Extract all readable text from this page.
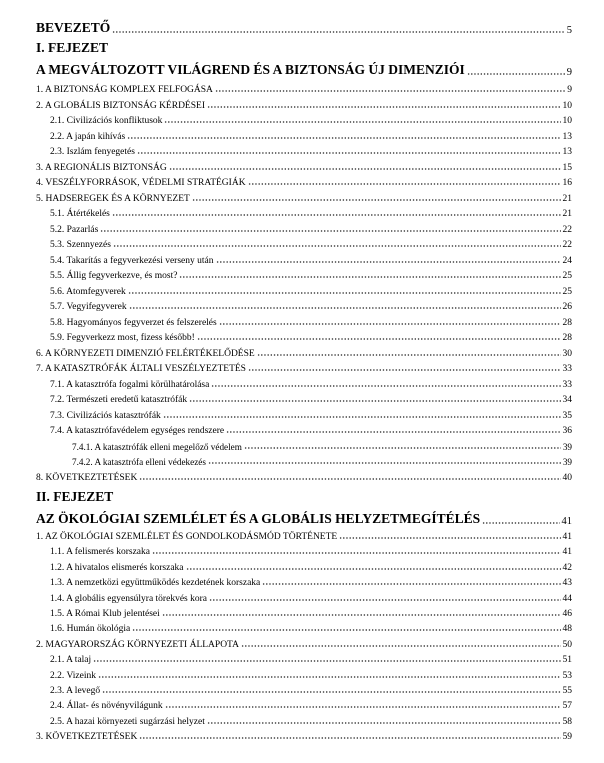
BEVEZETŐ	5
I. FEJEZET
A MEGVÁLTOZOTT VILÁGREND ÉS A BIZTONSÁG ÚJ DIMENZIÓI	9
1. A BIZTONSÁG KOMPLEX FELFOGÁSA	9
2. A GLOBÁLIS BIZTONSÁG KÉRDÉSEI	10
2.1. Civilizációs konfliktusok	10
2.2. A japán kihívás	13
2.3. Iszlám fenyegetés	13
3. A REGIONÁLIS BIZTONSÁG	15
4. VESZÉLYFORRÁSOK, VÉDELMI STRATÉGIÁK	16
5. HADSEREGEK ÉS A KÖRNYEZET	21
5.1. Átértékelés	21
5.2. Pazarlás	22
5.3. Szennyezés	22
5.4. Takarítás a fegyverkezési verseny után	24
5.5. Állig fegyverkezve, és most?	25
5.6. Atomfegyverek	25
5.7. Vegyifegyverek	26
5.8. Hagyományos fegyverzet és felszerelés	28
5.9. Fegyverkezz most, fizess később!	28
6. A KÖRNYEZETI DIMENZIÓ FELÉRTÉKELŐDÉSE	30
7. A KATASZTRÓFÁK ÁLTALI VESZÉLYEZTETÉS	33
7.1. A katasztrófa fogalmi körülhatárolása	33
7.2. Természeti eredetű katasztrófák	34
7.3. Civilizációs katasztrófák	35
7.4. A katasztrófavédelem egységes rendszere	36
7.4.1. A katasztrófák elleni megelőző védelem	39
7.4.2. A katasztrófa elleni védekezés	39
8. KÖVETKEZTETÉSEK	40
II. FEJEZET
AZ ÖKOLÓGIAI SZEMLÉLET ÉS A GLOBÁLIS HELYZETMEGÍTÉLÉS	41
1. AZ ÖKOLÓGIAI SZEMLÉLET ÉS GONDOLKODÁSMÓD TÖRTÉNETE	41
1.1. A felismerés korszaka	41
1.2. A hivatalos elismerés korszaka	42
1.3. A nemzetközi együttműködés kezdetének korszaka	43
1.4. A globális egyensúlyra törekvés kora	44
1.5. A Római Klub jelentései	46
1.6. Humán ökológia	48
2. MAGYARORSZÁG KÖRNYEZETI ÁLLAPOTA	50
2.1. A talaj	51
2.2. Vizeink	53
2.3. A levegő	55
2.4. Állat- és növényvilágunk	57
2.5. A hazai környezeti sugárzási helyzet	58
3. KÖVETKEZTETÉSEK	59
